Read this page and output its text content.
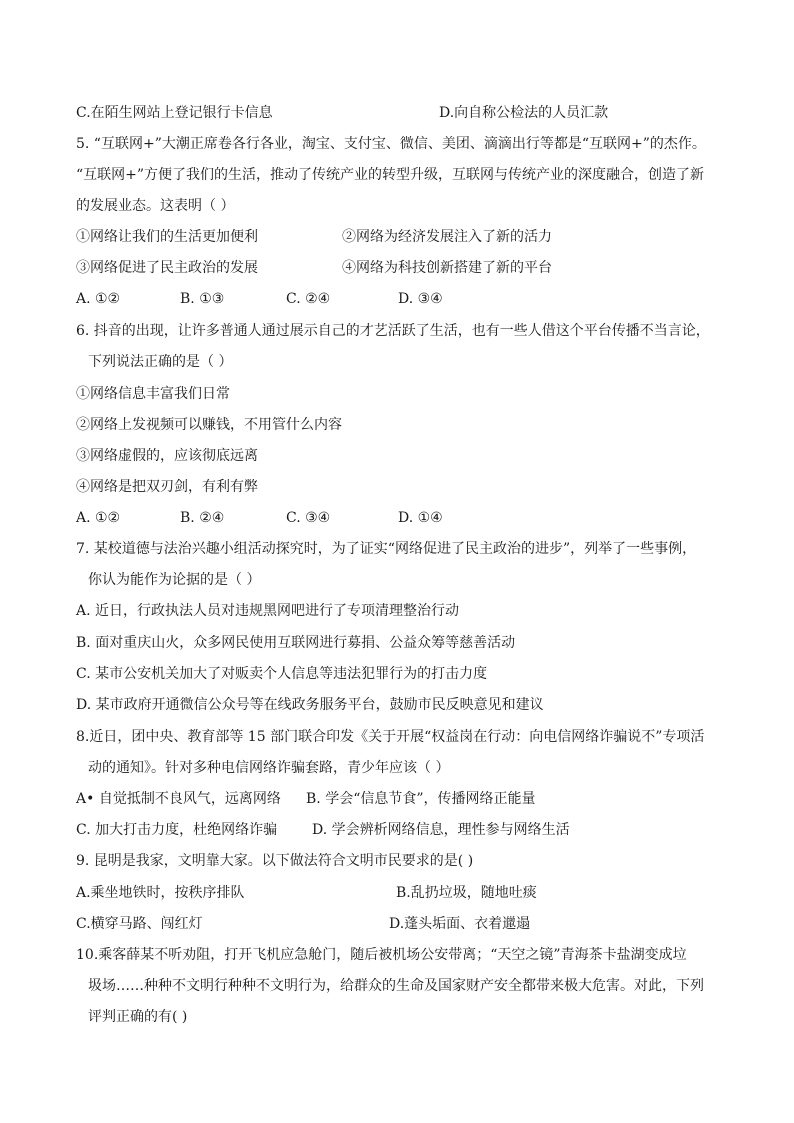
C.在陌生网站上登记银行卡信息	D.向自称公检法的人员汇款
5. “互联网+”大潮正席卷各行各业，淘宝、支付宝、微信、美团、滴滴出行等都是“互联网+”的杰作。
“互联网+”方便了我们的生活，推动了传统产业的转型升级，互联网与传统产业的深度融合，创造了新
的发展业态。这表明（ ）
①网络让我们的生活更加便利	②网络为经济发展注入了新的活力
③网络促进了民主政治的发展	④网络为科技创新搭建了新的平台
A. ①②	B. ①③	C. ②④	D. ③④
6. 抖音的出现，让许多普通人通过展示自己的才艺活跃了生活，也有一些人借这个平台传播不当言论，
下列说法正确的是（ ）
①网络信息丰富我们日常
②网络上发视频可以赚钱，不用管什么内容
③网络虚假的，应该彻底远离
④网络是把双刃剑，有利有弊
A. ①②	B. ②④	C. ③④	D. ①④
7. 某校道德与法治兴趣小组活动探究时，为了证实“网络促进了民主政治的进步”，列举了一些事例，
你认为能作为论据的是（ ）
A. 近日，行政执法人员对违规黑网吧进行了专项清理整治行动
B. 面对重庆山火，众多网民使用互联网进行募捐、公益众筹等慈善活动
C. 某市公安机关加大了对贩卖个人信息等违法犯罪行为的打击力度
D. 某市政府开通微信公众号等在线政务服务平台，鼓励市民反映意见和建议
8.近日，团中央、教育部等 15 部门联合印发《关于开展“权益岗在行动：向电信网络诈骗说不”专项活
动的通知》。针对多种电信网络诈骗套路，青少年应该（ ）
A• 自觉抵制不良风气，远离网络 B. 学会“信息节食”，传播网络正能量
C. 加大打击力度，杜绝网络诈骗 D. 学会辨析网络信息，理性参与网络生活
9. 昆明是我家，文明靠大家。以下做法符合文明市民要求的是( )
A.乘坐地铁时，按秩序排队	B.乱扔垃圾，随地吐痰
C.横穿马路、闯红灯	D.蓬头垢面、衣着邋遢
10.乘客薛某不听劝阻，打开飞机应急舱门，随后被机场公安带离；“天空之镜”青海茶卡盐湖变成垃
圾场……种种不文明行种种不文明行为，给群众的生命及国家财产安全都带来极大危害。对此，下列
评判正确的有( )
